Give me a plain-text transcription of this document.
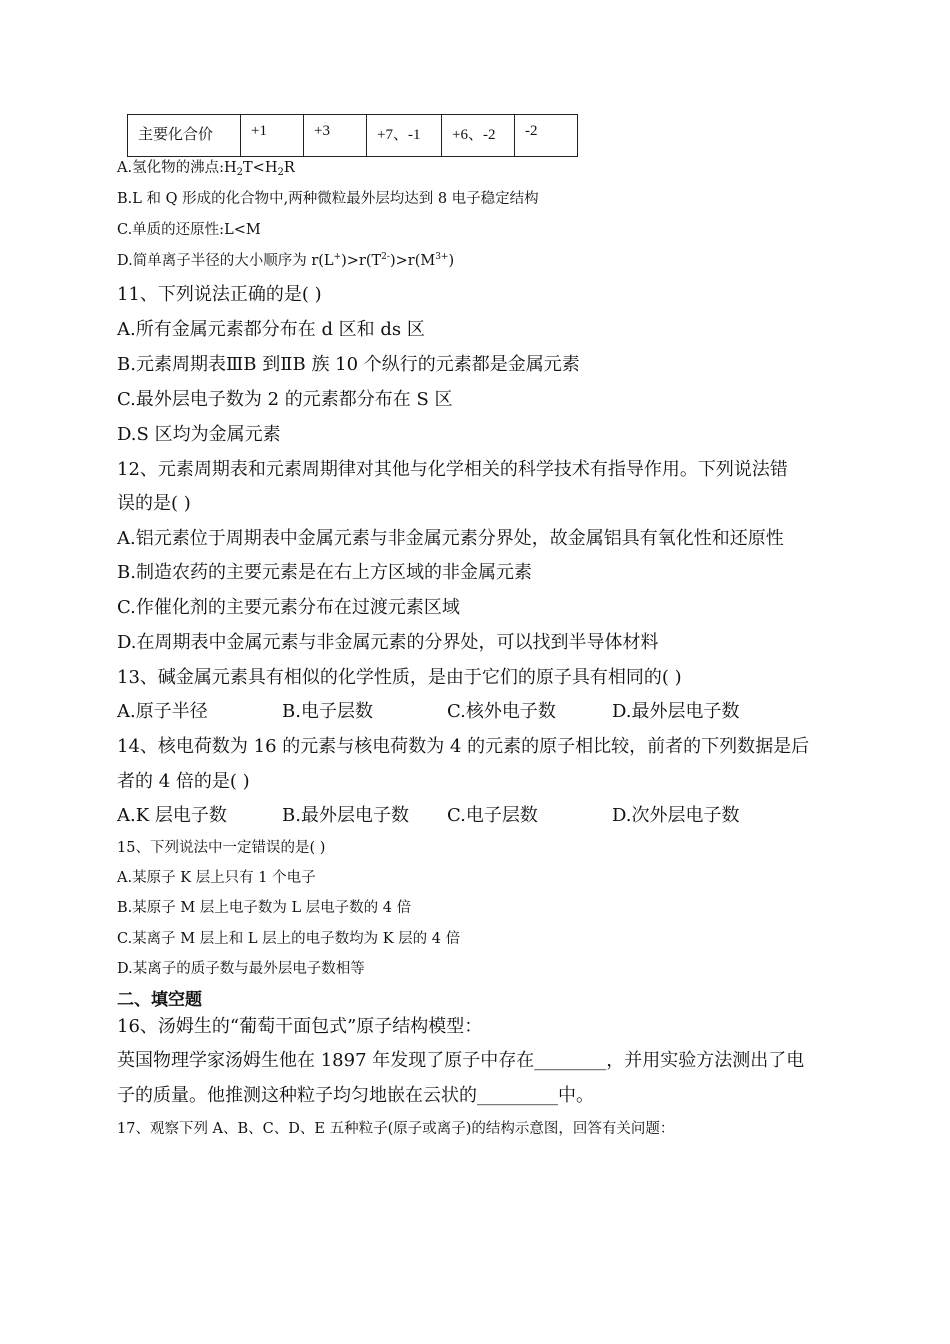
主要化合价	+1	+3	+7、-1	+6、-2	-2
A.氢化物的沸点$:H_2T<H_2R$
B.L 和 Q 形成的化合物中,两种微粒最外层均达到 8 电子稳定结构
C.单质的还原性:L<M
D.简单离子半径的大小顺序为 $r(L^+)>r(T^{2-})>r(M^{3+})$
11、下列说法正确的是( )
A.所有金属元素都分布在 d 区和 ds 区
B.元素周期表ⅢB 到ⅡB 族 10 个纵行的元素都是金属元素
C.最外层电子数为 2 的元素都分布在 S 区
D.S 区均为金属元素
12、元素周期表和元素周期律对其他与化学相关的科学技术有指导作用。下列说法错
误的是( )
A.铝元素位于周期表中金属元素与非金属元素分界处，故金属铝具有氧化性和还原性
B.制造农药的主要元素是在右上方区域的非金属元素
C.作催化剂的主要元素分布在过渡元素区域
D.在周期表中金属元素与非金属元素的分界处，可以找到半导体材料
13、碱金属元素具有相似的化学性质，是由于它们的原子具有相同的( )
A.原子半径	B.电子层数	C.核外电子数	D.最外层电子数
14、核电荷数为 16 的元素与核电荷数为 4 的元素的原子相比较，前者的下列数据是后
者的 4 倍的是( )
A.K 层电子数	B.最外层电子数 C.电子层数	D.次外层电子数
15、下列说法中一定错误的是( )
A.某原子 K 层上只有 1 个电子
B.某原子 M 层上电子数为 L 层电子数的 4 倍
C.某离子 M 层上和 L 层上的电子数均为 K 层的 4 倍
D.某离子的质子数与最外层电子数相等
二、填空题
16、汤姆生的“葡萄干面包式”原子结构模型：
英国物理学家汤姆生他在 1897 年发现了原子中存在________，并用实验方法测出了电
子的质量。他推测这种粒子均匀地嵌在云状的_________中。
17、观察下列 A、B、C、D、E 五种粒子(原子或离子)的结构示意图，回答有关问题：
